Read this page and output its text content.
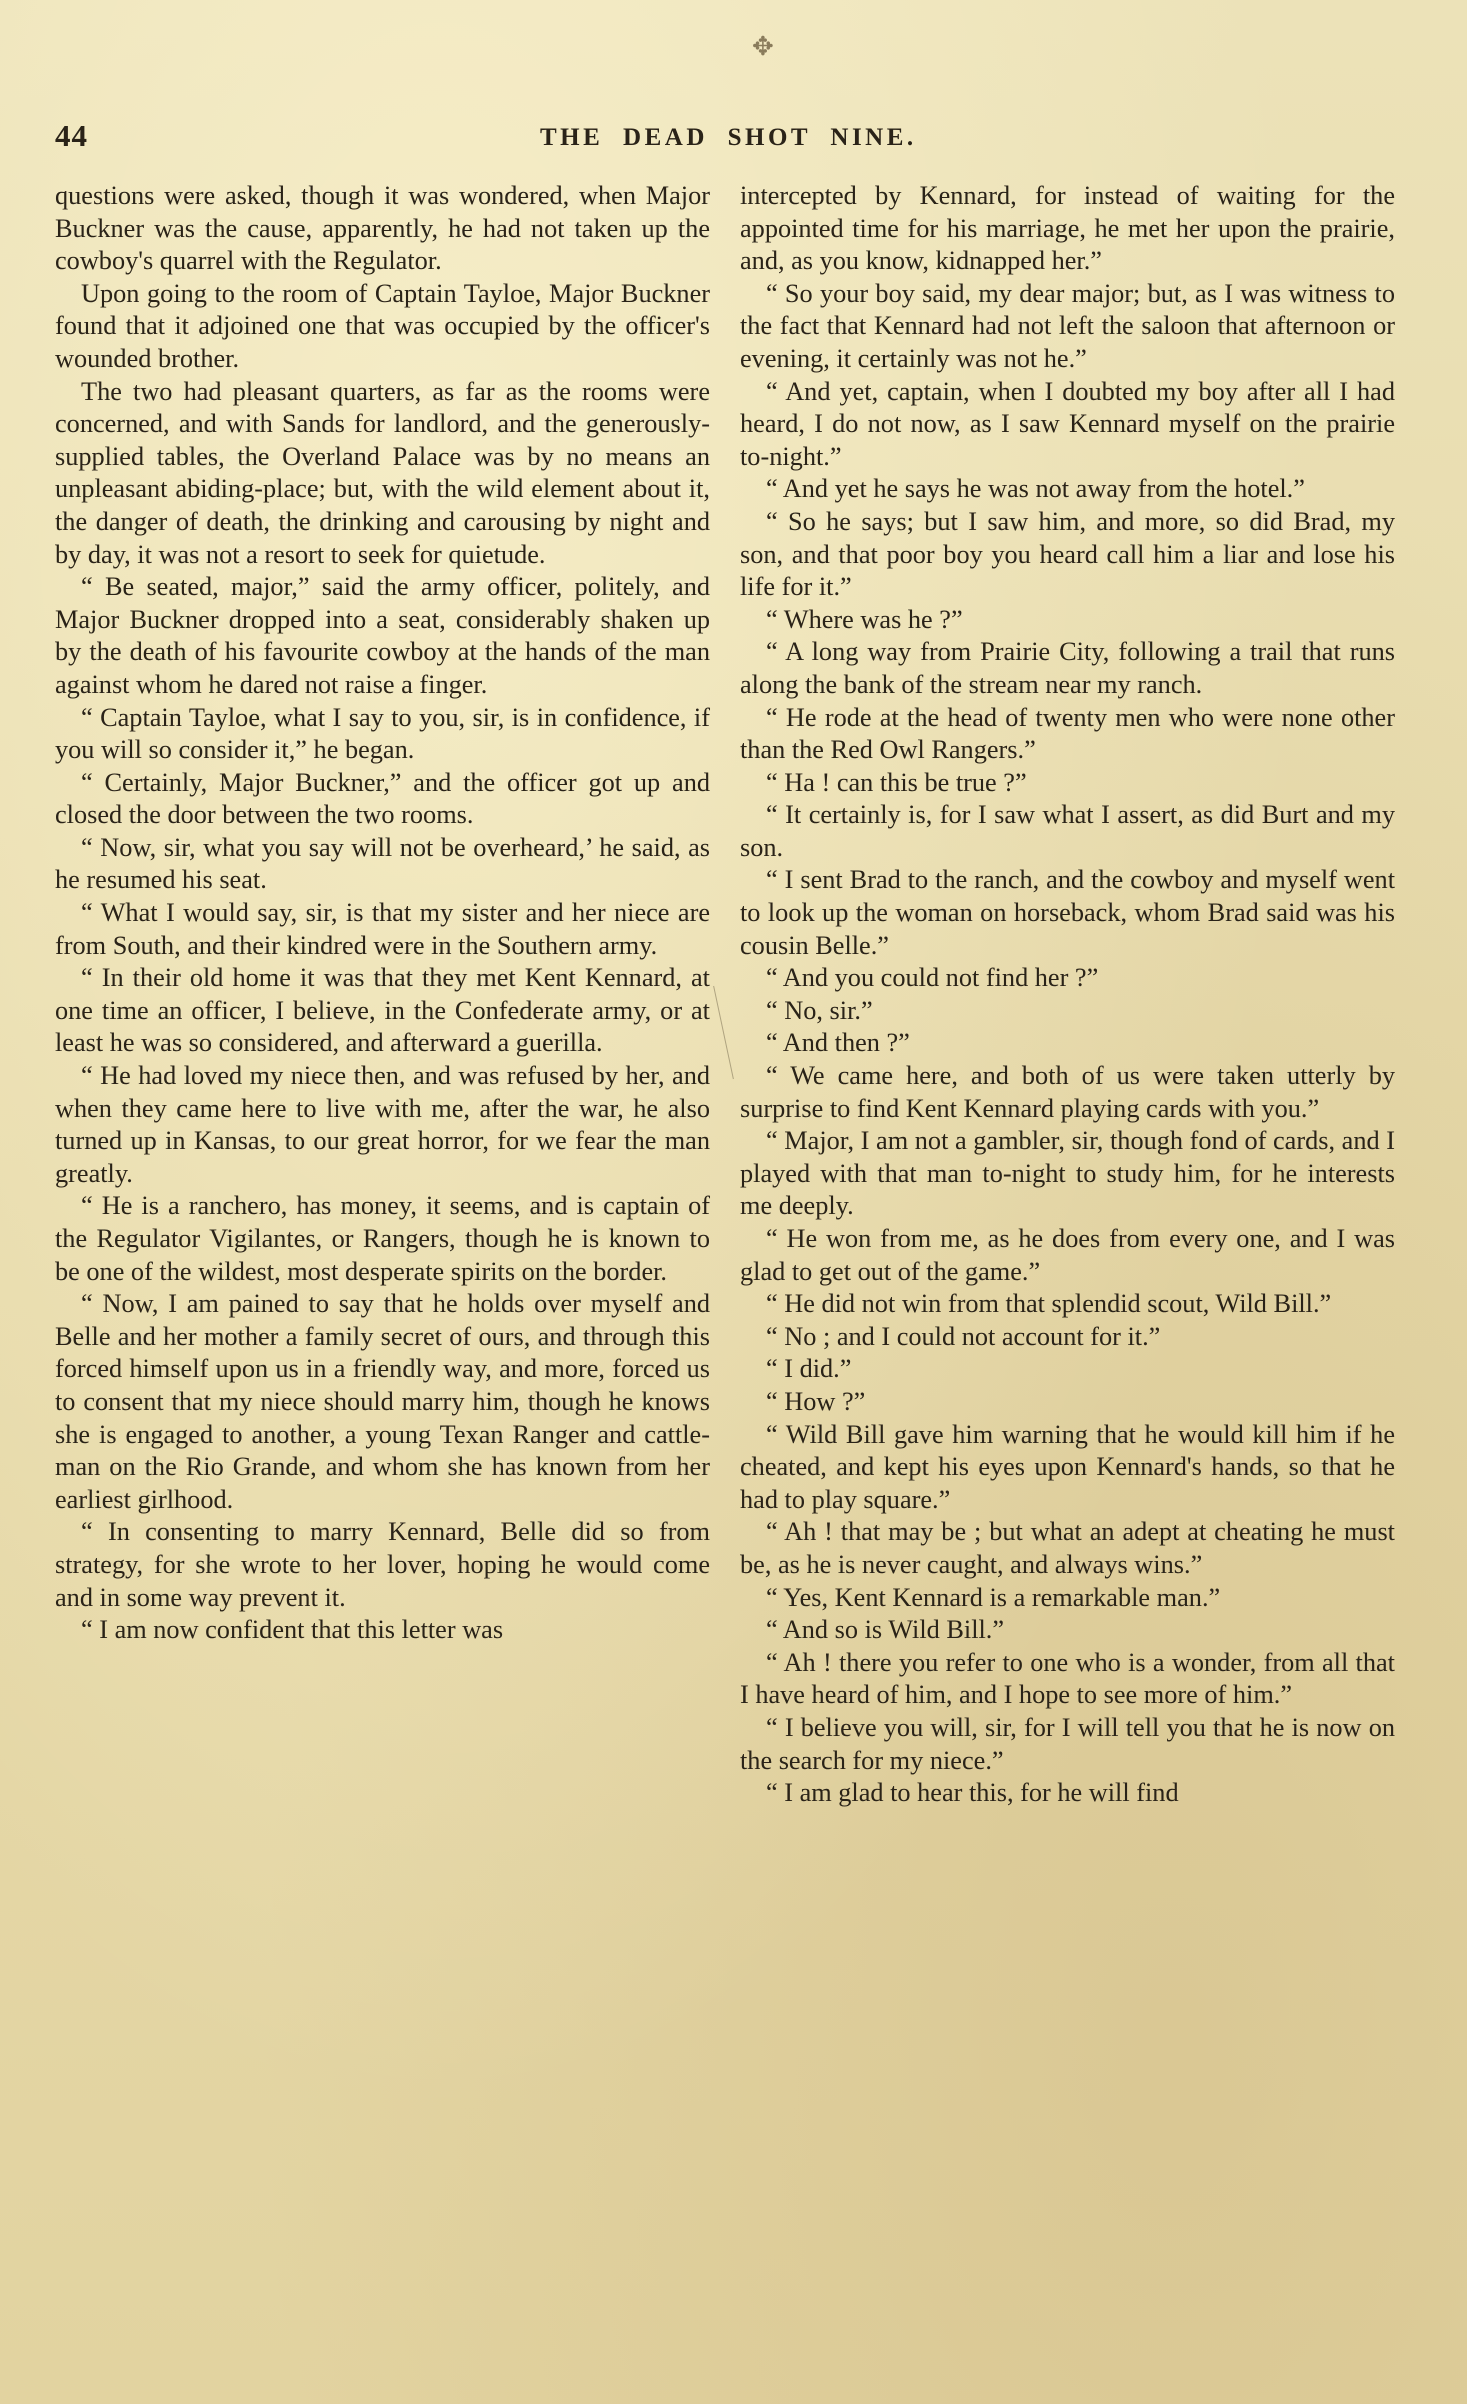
✥
44	THE DEAD SHOT NINE.

questions were asked, though it was wondered, when Major Buckner was the cause, apparently, he had not taken up the cowboy's quarrel with the Regulator.

Upon going to the room of Captain Tayloe, Major Buckner found that it adjoined one that was occupied by the officer's wounded brother.

The two had pleasant quarters, as far as the rooms were concerned, and with Sands for landlord, and the generously-supplied tables, the Overland Palace was by no means an unpleasant abiding-place; but, with the wild element about it, the danger of death, the drinking and carousing by night and by day, it was not a resort to seek for quietude.

“ Be seated, major,” said the army officer, politely, and Major Buckner dropped into a seat, considerably shaken up by the death of his favourite cowboy at the hands of the man against whom he dared not raise a finger.

“ Captain Tayloe, what I say to you, sir, is in confidence, if you will so consider it,” he began.

“ Certainly, Major Buckner,” and the officer got up and closed the door between the two rooms.

“ Now, sir, what you say will not be overheard,’ he said, as he resumed his seat.

“ What I would say, sir, is that my sister and her niece are from South, and their kindred were in the Southern army.

“ In their old home it was that they met Kent Kennard, at one time an officer, I believe, in the Confederate army, or at least he was so considered, and afterward a guerilla.

“ He had loved my niece then, and was refused by her, and when they came here to live with me, after the war, he also turned up in Kansas, to our great horror, for we fear the man greatly.

“ He is a ranchero, has money, it seems, and is captain of the Regulator Vigilantes, or Rangers, though he is known to be one of the wildest, most desperate spirits on the border.

“ Now, I am pained to say that he holds over myself and Belle and her mother a family secret of ours, and through this forced himself upon us in a friendly way, and more, forced us to consent that my niece should marry him, though he knows she is engaged to another, a young Texan Ranger and cattle-man on the Rio Grande, and whom she has known from her earliest girlhood.

“ In consenting to marry Kennard, Belle did so from strategy, for she wrote to her lover, hoping he would come and in some way prevent it.

“ I am now confident that this letter was

intercepted by Kennard, for instead of waiting for the appointed time for his marriage, he met her upon the prairie, and, as you know, kidnapped her.”

“ So your boy said, my dear major; but, as I was witness to the fact that Kennard had not left the saloon that afternoon or evening, it certainly was not he.”

“ And yet, captain, when I doubted my boy after all I had heard, I do not now, as I saw Kennard myself on the prairie to-night.”

“ And yet he says he was not away from the hotel.”

“ So he says; but I saw him, and more, so did Brad, my son, and that poor boy you heard call him a liar and lose his life for it.”

“ Where was he ?”

“ A long way from Prairie City, following a trail that runs along the bank of the stream near my ranch.

“ He rode at the head of twenty men who were none other than the Red Owl Rangers.”

“ Ha ! can this be true ?”

“ It certainly is, for I saw what I assert, as did Burt and my son.

“ I sent Brad to the ranch, and the cowboy and myself went to look up the woman on horseback, whom Brad said was his cousin Belle.”

“ And you could not find her ?”

“ No, sir.”

“ And then ?”

“ We came here, and both of us were taken utterly by surprise to find Kent Kennard playing cards with you.”

“ Major, I am not a gambler, sir, though fond of cards, and I played with that man to-night to study him, for he interests me deeply.

“ He won from me, as he does from every one, and I was glad to get out of the game.”

“ He did not win from that splendid scout, Wild Bill.”

“ No ; and I could not account for it.”

“ I did.”

“ How ?”

“ Wild Bill gave him warning that he would kill him if he cheated, and kept his eyes upon Kennard's hands, so that he had to play square.”

“ Ah ! that may be ; but what an adept at cheating he must be, as he is never caught, and always wins.”

“ Yes, Kent Kennard is a remarkable man.”

“ And so is Wild Bill.”

“ Ah ! there you refer to one who is a wonder, from all that I have heard of him, and I hope to see more of him.”

“ I believe you will, sir, for I will tell you that he is now on the search for my niece.”

“ I am glad to hear this, for he will find
